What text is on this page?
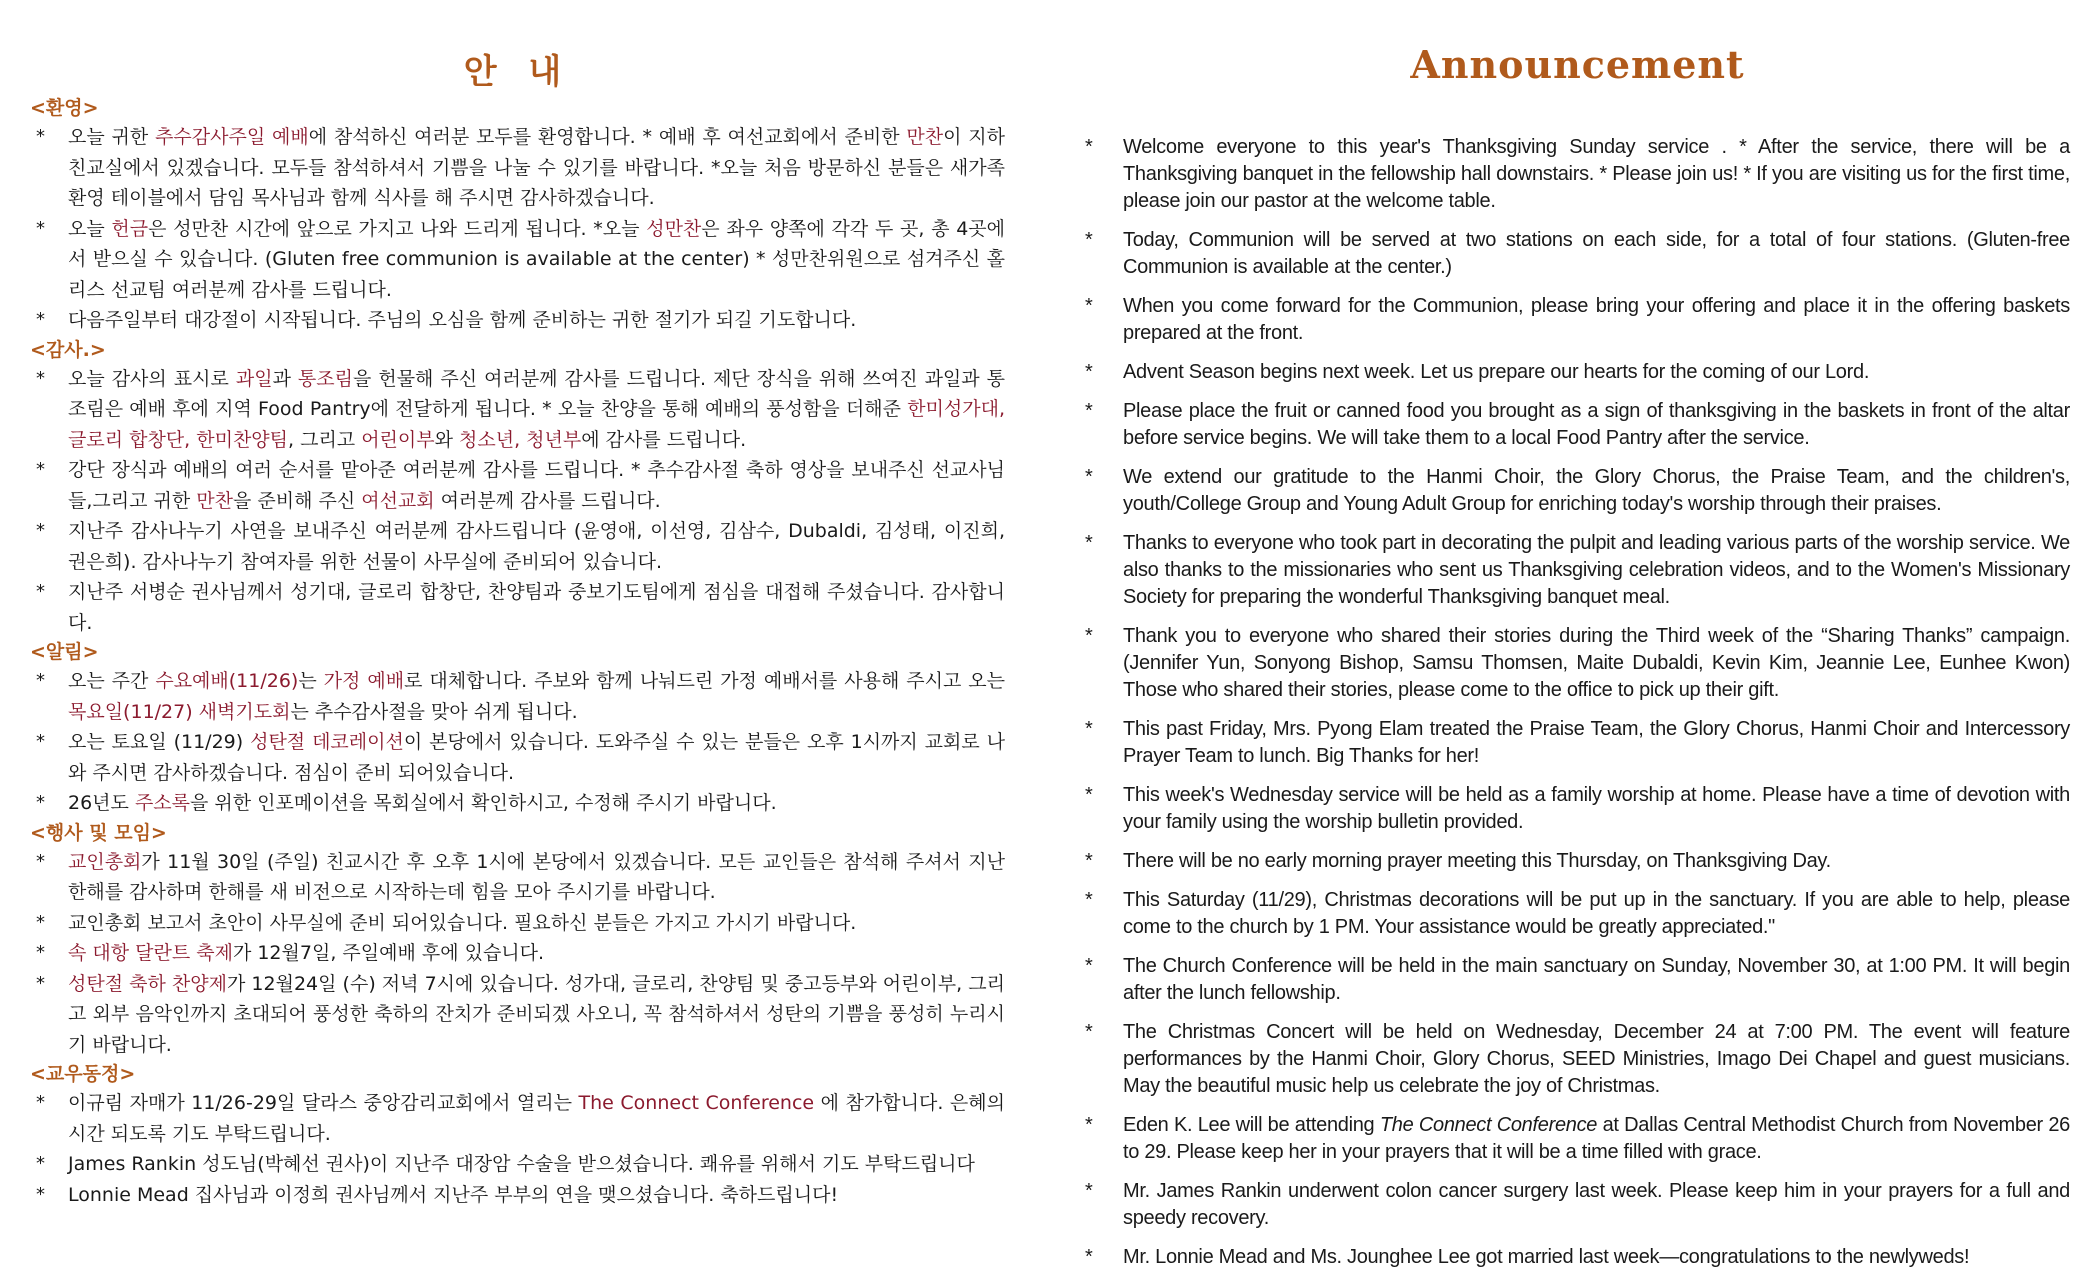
안 내
<환영>
* 오늘 귀한 추수감사주일 예배에 참석하신 여러분 모두를 환영합니다. * 예배 후 여선교회에서 준비한 만찬이 지하 친교실에서 있겠습니다. 모두들 참석하셔서 기쁨을 나눌 수 있기를 바랍니다. *오늘 처음 방문하신 분들은 새가족 환영 테이블에서 담임 목사님과 함께 식사를 해 주시면 감사하겠습니다.
* 오늘 헌금은 성만찬 시간에 앞으로 가지고 나와 드리게 됩니다. *오늘 성만찬은 좌우 양쪽에 각각 두 곳, 총 4곳에서 받으실 수 있습니다. (Gluten free communion is available at the center) * 성만찬위원으로 섬겨주신 홀리스 선교팀 여러분께 감사를 드립니다.
* 다음주일부터 대강절이 시작됩니다. 주님의 오심을 함께 준비하는 귀한 절기가 되길 기도합니다.
<감사.>
* 오늘 감사의 표시로 과일과 통조림을 헌물해 주신 여러분께 감사를 드립니다. 제단 장식을 위해 쓰여진 과일과 통조림은 예배 후에 지역 Food Pantry에 전달하게 됩니다. * 오늘 찬양을 통해 예배의 풍성함을 더해준 한미성가대, 글로리 합창단, 한미찬양팀, 그리고 어린이부와 청소년, 청년부에 감사를 드립니다.
* 강단 장식과 예배의 여러 순서를 맡아준 여러분께 감사를 드립니다. * 추수감사절 축하 영상을 보내주신 선교사님들,그리고 귀한 만찬을 준비해 주신 여선교회 여러분께 감사를 드립니다.
* 지난주 감사나누기 사연을 보내주신 여러분께 감사드립니다 (윤영애, 이선영, 김삼수, Dubaldi, 김성태, 이진희, 권은희). 감사나누기 참여자를 위한 선물이 사무실에 준비되어 있습니다.
* 지난주 서병순 권사님께서 성기대, 글로리 합창단, 찬양팀과 중보기도팀에게 점심을 대접해 주셨습니다. 감사합니다.
<알림>
* 오는 주간 수요예배(11/26)는 가정 예배로 대체합니다. 주보와 함께 나눠드린 가정 예배서를 사용해 주시고 오는 목요일(11/27) 새벽기도회는 추수감사절을 맞아 쉬게 됩니다.
* 오는 토요일 (11/29) 성탄절 데코레이션이 본당에서 있습니다. 도와주실 수 있는 분들은 오후 1시까지 교회로 나와 주시면 감사하겠습니다. 점심이 준비 되어있습니다.
* 26년도 주소록을 위한 인포메이션을 목회실에서 확인하시고, 수정해 주시기 바랍니다.
<행사 및 모임>
* 교인총회가 11월 30일 (주일) 친교시간 후 오후 1시에 본당에서 있겠습니다. 모든 교인들은 참석해 주셔서 지난 한해를 감사하며 한해를 새 비전으로 시작하는데 힘을 모아 주시기를 바랍니다.
* 교인총회 보고서 초안이 사무실에 준비 되어있습니다. 필요하신 분들은 가지고 가시기 바랍니다.
* 속 대항 달란트 축제가 12월7일, 주일예배 후에 있습니다.
* 성탄절 축하 찬양제가 12월24일 (수) 저녁 7시에 있습니다. 성가대, 글로리, 찬양팀 및 중고등부와 어린이부, 그리고 외부 음악인까지 초대되어 풍성한 축하의 잔치가 준비되겠 사오니, 꼭 참석하셔서 성탄의 기쁨을 풍성히 누리시기 바랍니다.
<교우동정>
* 이규림 자매가 11/26-29일 달라스 중앙감리교회에서 열리는 The Connect Conference 에 참가합니다. 은혜의 시간 되도록 기도 부탁드립니다.
* James Rankin 성도님(박혜선 권사)이 지난주 대장암 수술을 받으셨습니다. 쾌유를 위해서 기도 부탁드립니다
* Lonnie Mead 집사님과 이정희 권사님께서 지난주 부부의 연을 맺으셨습니다. 축하드립니다!
Announcement
* Welcome everyone to this year's Thanksgiving Sunday service . * After the service, there will be a Thanksgiving banquet in the fellowship hall downstairs. * Please join us! * If you are visiting us for the first time, please join our pastor at the welcome table.
* Today, Communion will be served at two stations on each side, for a total of four stations. (Gluten-free Communion is available at the center.)
* When you come forward for the Communion, please bring your offering and place it in the offering baskets prepared at the front.
* Advent Season begins next week. Let us prepare our hearts for the coming of our Lord.
* Please place the fruit or canned food you brought as a sign of thanksgiving in the baskets in front of the altar before service begins. We will take them to a local Food Pantry after the service.
* We extend our gratitude to the Hanmi Choir, the Glory Chorus, the Praise Team, and the children's, youth/College Group and Young Adult Group for enriching today's worship through their praises.
* Thanks to everyone who took part in decorating the pulpit and leading various parts of the worship service. We also thanks to the missionaries who sent us Thanksgiving celebration videos, and to the Women's Missionary Society for preparing the wonderful Thanksgiving banquet meal.
* Thank you to everyone who shared their stories during the Third week of the “Sharing Thanks” campaign. (Jennifer Yun, Sonyong Bishop, Samsu Thomsen, Maite Dubaldi, Kevin Kim, Jeannie Lee, Eunhee Kwon) Those who shared their stories, please come to the office to pick up their gift.
* This past Friday, Mrs. Pyong Elam treated the Praise Team, the Glory Chorus, Hanmi Choir and Intercessory Prayer Team to lunch. Big Thanks for her!
* This week's Wednesday service will be held as a family worship at home. Please have a time of devotion with your family using the worship bulletin provided.
* There will be no early morning prayer meeting this Thursday, on Thanksgiving Day.
* This Saturday (11/29), Christmas decorations will be put up in the sanctuary. If you are able to help, please come to the church by 1 PM. Your assistance would be greatly appreciated."
* The Church Conference will be held in the main sanctuary on Sunday, November 30, at 1:00 PM. It will begin after the lunch fellowship.
* The Christmas Concert will be held on Wednesday, December 24 at 7:00 PM. The event will feature performances by the Hanmi Choir, Glory Chorus, SEED Ministries, Imago Dei Chapel and guest musicians. May the beautiful music help us celebrate the joy of Christmas.
* Eden K. Lee will be attending The Connect Conference at Dallas Central Methodist Church from November 26 to 29. Please keep her in your prayers that it will be a time filled with grace.
* Mr. James Rankin underwent colon cancer surgery last week. Please keep him in your prayers for a full and speedy recovery.
* Mr. Lonnie Mead and Ms. Jounghee Lee got married last week—congratulations to the newlyweds!
